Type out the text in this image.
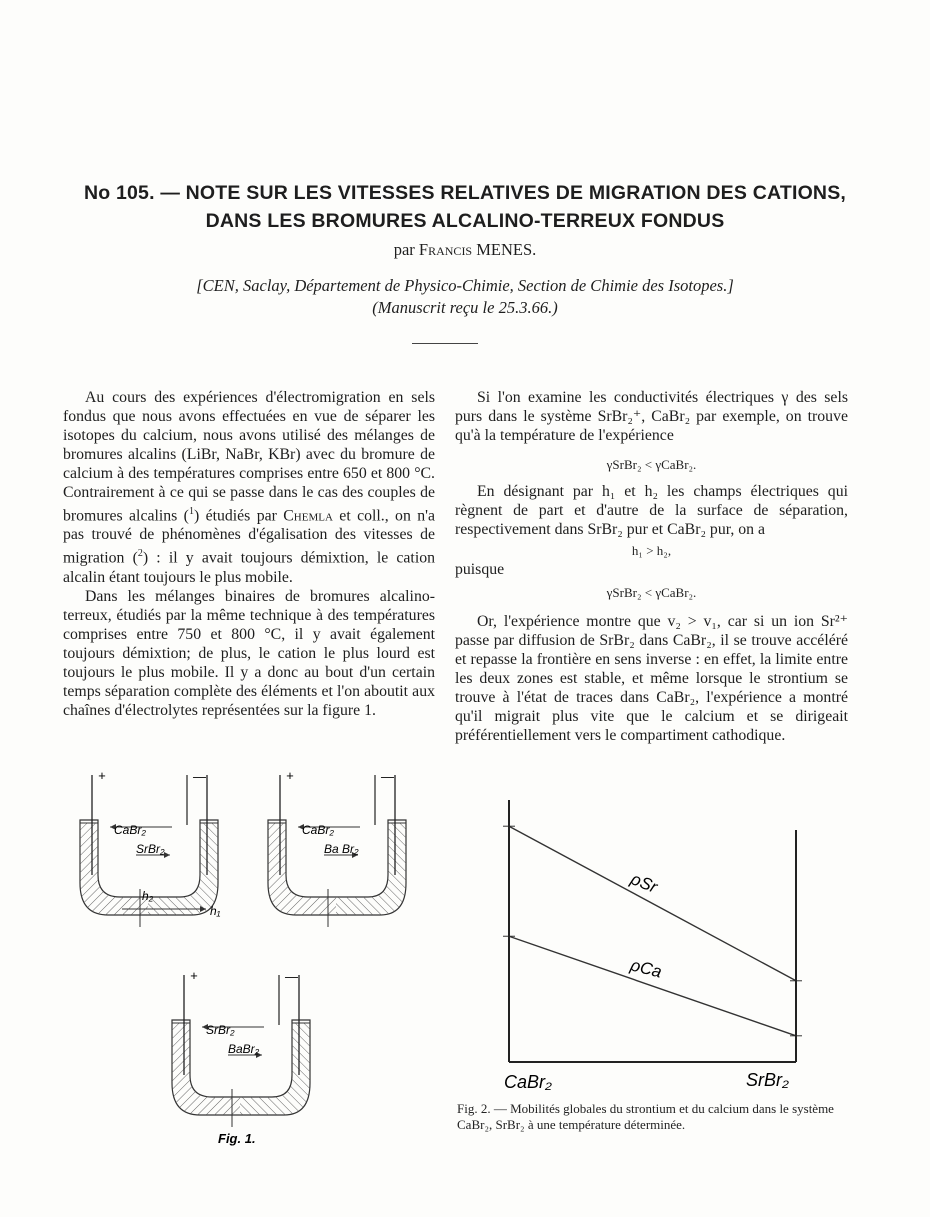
No 105. — NOTE SUR LES VITESSES RELATIVES DE MIGRATION DES CATIONS,
DANS LES BROMURES ALCALINO-TERREUX FONDUS
par Francis MENES.
[CEN, Saclay, Département de Physico-Chimie, Section de Chimie des Isotopes.]
(Manuscrit reçu le 25.3.66.)

Au cours des expériences d'électromigration en sels fondus que nous avons effectuées en vue de séparer les isotopes du calcium, nous avons utilisé des mélanges de bromures alcalins (LiBr, NaBr, KBr) avec du bromure de calcium à des températures comprises entre 650 et 800 °C. Contrairement à ce qui se passe dans le cas des couples de bromures alcalins ($^1$) étudiés par Chemla et coll., on n'a pas trouvé de phénomènes d'égalisation des vitesses de migration ($^2$) : il y avait toujours démixtion, le cation alcalin étant toujours le plus mobile.

Dans les mélanges binaires de bromures alcalino-terreux, étudiés par la même technique à des températures comprises entre 750 et 800 °C, il y avait également toujours démixtion; de plus, le cation le plus lourd est toujours le plus mobile. Il y a donc au bout d'un certain temps séparation complète des éléments et l'on aboutit aux chaînes d'électrolytes représentées sur la figure 1.

Si l'on examine les conductivités électriques γ des sels purs dans le système SrBr₂⁺, CaBr₂ par exemple, on trouve qu'à la température de l'expérience

γSrBr₂ < γCaBr₂.

En désignant par h₁ et h₂ les champs électriques qui règnent de part et d'autre de la surface de séparation, respectivement dans SrBr₂ pur et CaBr₂ pur, on a

h₁ > h₂,

puisque

γSrBr₂ < γCaBr₂.

Or, l'expérience montre que v₂ > v₁, car si un ion Sr²⁺ passe par diffusion de SrBr₂ dans CaBr₂, il se trouve accéléré et repasse la frontière en sens inverse : en effet, la limite entre les deux zones est stable, et même lorsque le strontium se trouve à l'état de traces dans CaBr₂, l'expérience a montré qu'il migrait plus vite que le calcium et se dirigeait préférentiellement vers le compartiment cathodique.

+	—
CaBr₂
SrBr₂
h₂
h₁
+	—
CaBr₂
Ba Br₂
+	—
SrBr₂
BaBr₂
Fig. 1.
ρSr
ρCa
CaBr₂	SrBr₂
Fig. 2. — Mobilités globales du strontium et du calcium dans le système CaBr₂, SrBr₂ à une température déterminée.
